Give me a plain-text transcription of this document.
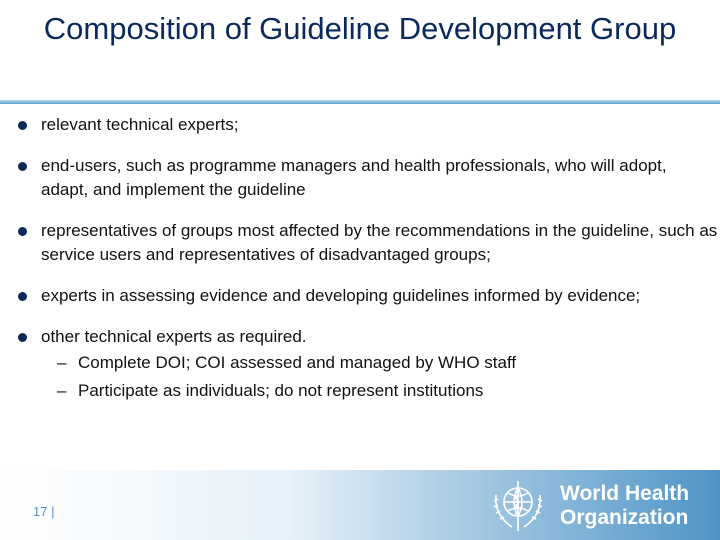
Composition of Guideline Development Group
relevant technical experts;
end-users, such as programme managers and health professionals, who will adopt, adapt, and implement the guideline
representatives of groups most affected by the recommendations in the guideline, such as service users and representatives of disadvantaged groups;
experts in assessing evidence and developing guidelines informed by evidence;
other technical experts as required.
– Complete DOI; COI assessed and managed by WHO staff
– Participate as individuals; do not represent institutions
17 |
World Health
Organization
